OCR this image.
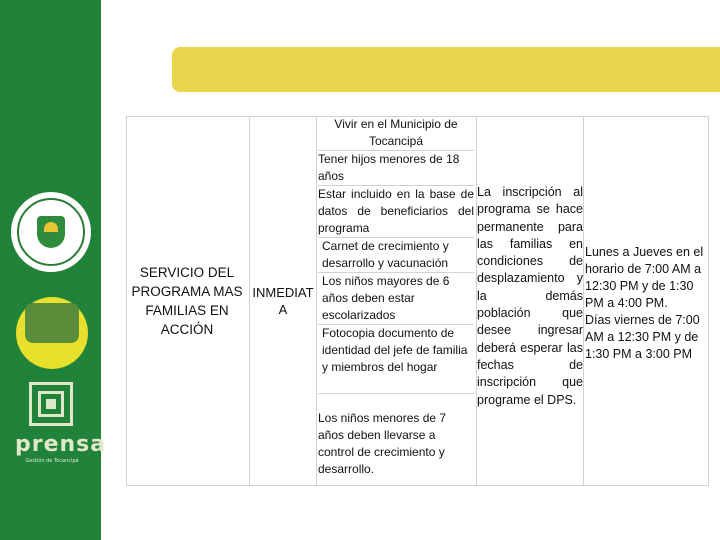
prensa
Gestión de Tocancipá
SERVICIO DEL PROGRAMA MAS FAMILIAS EN ACCIÓN
INMEDIATA
Vivir en el Municipio de Tocancipá
Tener hijos menores de 18 años
Estar incluido en la base de datos de beneficiarios del programa
Carnet de crecimiento y desarrollo y vacunación
Los niños mayores de 6 años deben estar escolarizados
Fotocopia documento de identidad del jefe de familia y miembros del hogar
Los niños menores de 7 años deben llevarse a control de crecimiento y desarrollo.
La inscripción al programa se hace permanente para las familias en condiciones de desplazamiento y la demás población que desee ingresar deberá esperar las fechas de inscripción que programe el DPS.
Lunes a Jueves en el horario de 7:00 AM a 12:30 PM y de 1:30 PM a 4:00 PM.
Días viernes de 7:00 AM a 12:30 PM y de 1:30 PM a 3:00 PM
